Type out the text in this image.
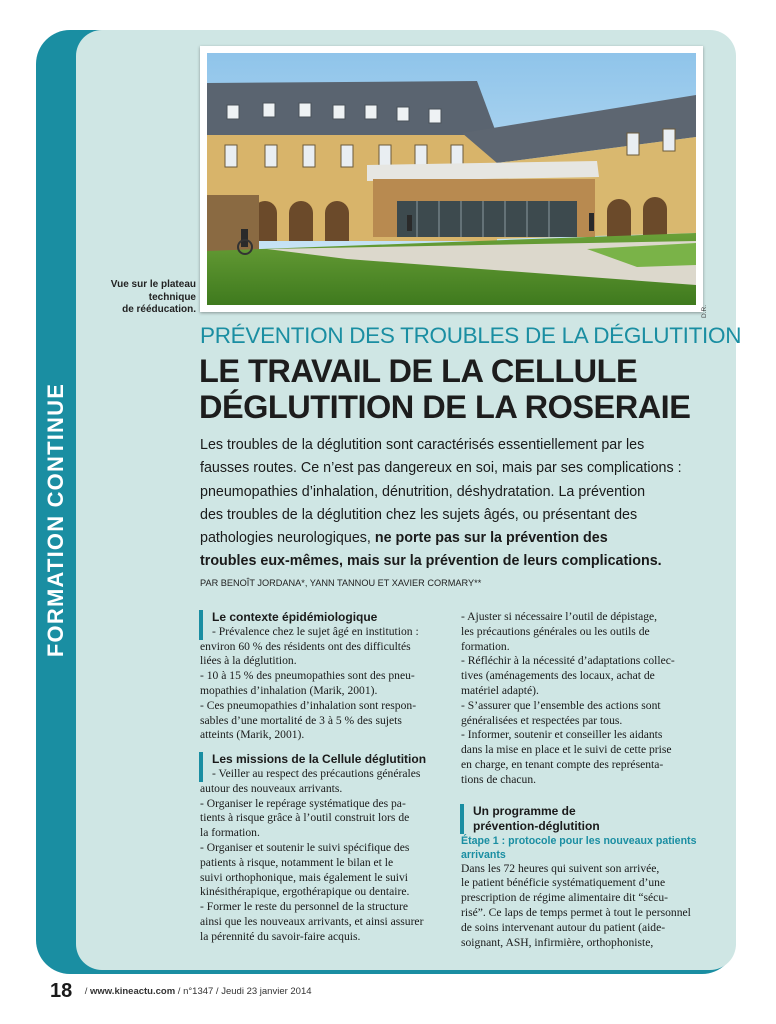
FORMATION CONTINUE
Vue sur le plateau
technique
de rééducation.	D.R.
PRÉVENTION DES TROUBLES DE LA DÉGLUTITION
LE TRAVAIL DE LA CELLULE
DÉGLUTITION DE LA ROSERAIE
Les troubles de la déglutition sont caractérisés essentiellement par les
fausses routes. Ce n’est pas dangereux en soi, mais par ses complications :
pneumopathies d’inhalation, dénutrition, déshydratation. La prévention
des troubles de la déglutition chez les sujets âgés, ou présentant des
pathologies neurologiques, ne porte pas sur la prévention des
troubles eux-mêmes, mais sur la prévention de leurs complications.
PAR BENOÎT JORDANA*, YANN TANNOU ET XAVIER CORMARY**
Le contexte épidémiologique
- Prévalence chez le sujet âgé en institution :
environ 60 % des résidents ont des difficultés
liées à la déglutition.
- 10 à 15 % des pneumopathies sont des pneu-
mopathies d’inhalation (Marik, 2001).
- Ces pneumopathies d’inhalation sont respon-
sables d’une mortalité de 3 à 5 % des sujets
atteints (Marik, 2001).
Les missions de la Cellule déglutition
- Veiller au respect des précautions générales
autour des nouveaux arrivants.
- Organiser le repérage systématique des pa-
tients à risque grâce à l’outil construit lors de
la formation.
- Organiser et soutenir le suivi spécifique des
patients à risque, notamment le bilan et le
suivi orthophonique, mais également le suivi
kinésithérapique, ergothérapique ou dentaire.
- Former le reste du personnel de la structure
ainsi que les nouveaux arrivants, et ainsi assurer
la pérennité du savoir-faire acquis.
- Ajuster si nécessaire l’outil de dépistage,
les précautions générales ou les outils de
formation.
- Réfléchir à la nécessité d’adaptations collec-
tives (aménagements des locaux, achat de
matériel adapté).
- S’assurer que l’ensemble des actions sont
généralisées et respectées par tous.
- Informer, soutenir et conseiller les aidants
dans la mise en place et le suivi de cette prise
en charge, en tenant compte des représenta-
tions de chacun.
Un programme de
prévention-déglutition
Étape 1 : protocole pour les nouveaux patients
arrivants
Dans les 72 heures qui suivent son arrivée,
le patient bénéficie systématiquement d’une
prescription de régime alimentaire dit “sécu-
risé”. Ce laps de temps permet à tout le personnel
de soins intervenant autour du patient (aide-
soignant, ASH, infirmière, orthophoniste,
18 / www.kineactu.com / n°1347 / Jeudi 23 janvier 2014
